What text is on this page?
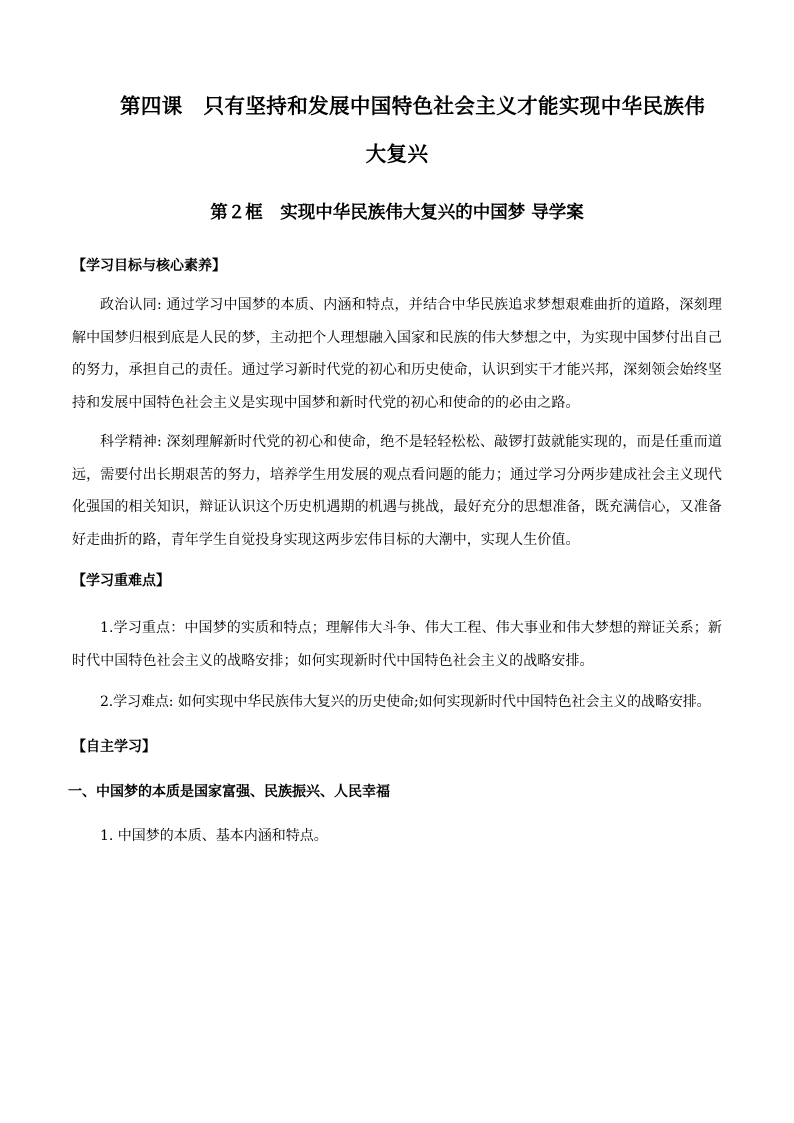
第四课　只有坚持和发展中国特色社会主义才能实现中华民族伟
大复兴
第２框　实现中华民族伟大复兴的中国梦 导学案
【学习目标与核心素养】
政治认同: 通过学习中国梦的本质、内涵和特点，并结合中华民族追求梦想艰难曲折的道路，深刻理解中国梦归根到底是人民的梦，主动把个人理想融入国家和民族的伟大梦想之中，为实现中国梦付出自己的努力，承担自己的责任。通过学习新时代党的初心和历史使命，认识到实干才能兴邦，深刻领会始终坚持和发展中国特色社会主义是实现中国梦和新时代党的初心和使命的的必由之路。
科学精神: 深刻理解新时代党的初心和使命，绝不是轻轻松松、敲锣打鼓就能实现的，而是任重而道远，需要付出长期艰苦的努力，培养学生用发展的观点看问题的能力；通过学习分两步建成社会主义现代化强国的相关知识，辩证认识这个历史机遇期的机遇与挑战，最好充分的思想准备，既充满信心，又准备好走曲折的路，青年学生自觉投身实现这两步宏伟目标的大潮中，实现人生价值。
【学习重难点】
1.学习重点：中国梦的实质和特点；理解伟大斗争、伟大工程、伟大事业和伟大梦想的辩证关系；新时代中国特色社会主义的战略安排；如何实现新时代中国特色社会主义的战略安排。
2.学习难点: 如何实现中华民族伟大复兴的历史使命;如何实现新时代中国特色社会主义的战略安排。
【自主学习】
一、中国梦的本质是国家富强、民族振兴、人民幸福
1. 中国梦的本质、基本内涵和特点。
